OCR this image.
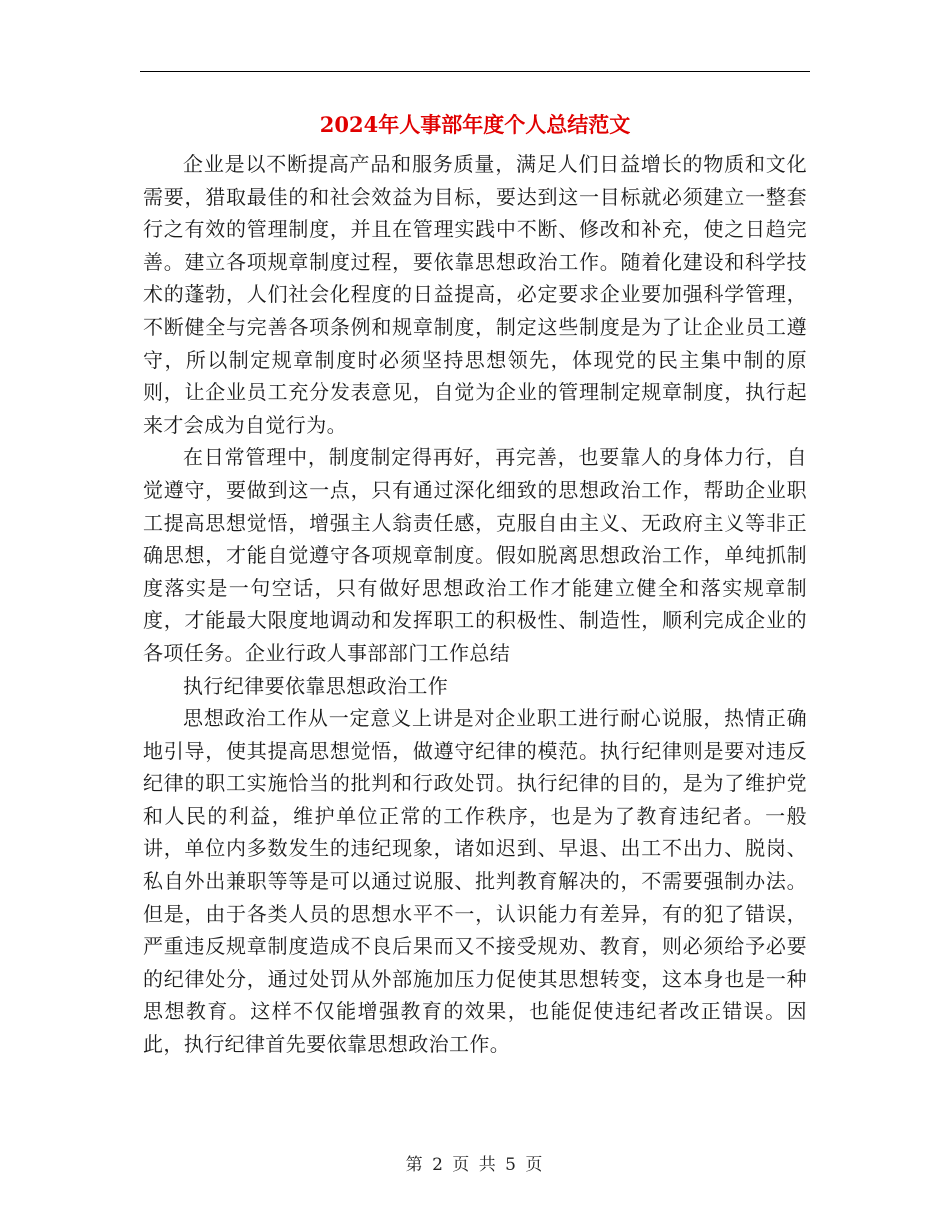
2024年人事部年度个人总结范文

企业是以不断提高产品和服务质量，满足人们日益增长的物质和文化需要，猎取最佳的和社会效益为目标，要达到这一目标就必须建立一整套行之有效的管理制度，并且在管理实践中不断、修改和补充，使之日趋完善。建立各项规章制度过程，要依靠思想政治工作。随着化建设和科学技术的蓬勃，人们社会化程度的日益提高，必定要求企业要加强科学管理，不断健全与完善各项条例和规章制度，制定这些制度是为了让企业员工遵守，所以制定规章制度时必须坚持思想领先，体现党的民主集中制的原则，让企业员工充分发表意见，自觉为企业的管理制定规章制度，执行起来才会成为自觉行为。

在日常管理中，制度制定得再好，再完善，也要靠人的身体力行，自觉遵守，要做到这一点，只有通过深化细致的思想政治工作，帮助企业职工提高思想觉悟，增强主人翁责任感，克服自由主义、无政府主义等非正确思想，才能自觉遵守各项规章制度。假如脱离思想政治工作，单纯抓制度落实是一句空话，只有做好思想政治工作才能建立健全和落实规章制度，才能最大限度地调动和发挥职工的积极性、制造性，顺利完成企业的各项任务。企业行政人事部部门工作总结

执行纪律要依靠思想政治工作

思想政治工作从一定意义上讲是对企业职工进行耐心说服，热情正确地引导，使其提高思想觉悟，做遵守纪律的模范。执行纪律则是要对违反纪律的职工实施恰当的批判和行政处罚。执行纪律的目的，是为了维护党和人民的利益，维护单位正常的工作秩序，也是为了教育违纪者。一般讲，单位内多数发生的违纪现象，诸如迟到、早退、出工不出力、脱岗、私自外出兼职等等是可以通过说服、批判教育解决的，不需要强制办法。但是，由于各类人员的思想水平不一，认识能力有差异，有的犯了错误，严重违反规章制度造成不良后果而又不接受规劝、教育，则必须给予必要的纪律处分，通过处罚从外部施加压力促使其思想转变，这本身也是一种思想教育。这样不仅能增强教育的效果，也能促使违纪者改正错误。因此，执行纪律首先要依靠思想政治工作。

第 2 页 共 5 页
